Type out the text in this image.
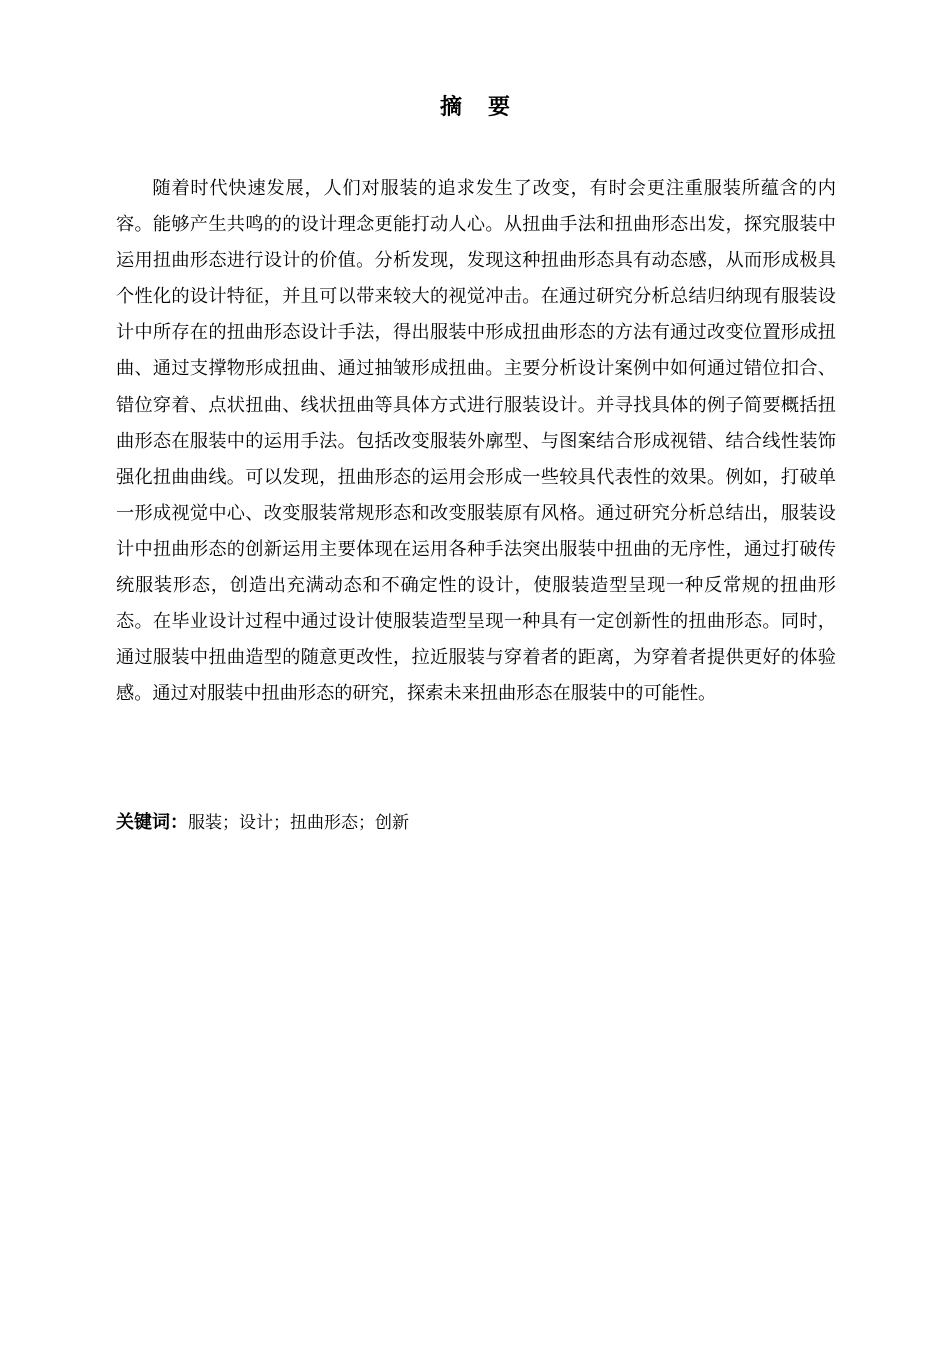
摘 要

随着时代快速发展，人们对服装的追求发生了改变，有时会更注重服装所蕴含的内容。能够产生共鸣的的设计理念更能打动人心。从扭曲手法和扭曲形态出发，探究服装中运用扭曲形态进行设计的价值。分析发现，发现这种扭曲形态具有动态感，从而形成极具个性化的设计特征，并且可以带来较大的视觉冲击。在通过研究分析总结归纳现有服装设计中所存在的扭曲形态设计手法，得出服装中形成扭曲形态的方法有通过改变位置形成扭曲、通过支撑物形成扭曲、通过抽皱形成扭曲。主要分析设计案例中如何通过错位扣合、错位穿着、点状扭曲、线状扭曲等具体方式进行服装设计。并寻找具体的例子简要概括扭曲形态在服装中的运用手法。包括改变服装外廓型、与图案结合形成视错、结合线性装饰强化扭曲曲线。可以发现，扭曲形态的运用会形成一些较具代表性的效果。例如，打破单一形成视觉中心、改变服装常规形态和改变服装原有风格。通过研究分析总结出，服装设计中扭曲形态的创新运用主要体现在运用各种手法突出服装中扭曲的无序性，通过打破传统服装形态，创造出充满动态和不确定性的设计，使服装造型呈现一种反常规的扭曲形态。在毕业设计过程中通过设计使服装造型呈现一种具有一定创新性的扭曲形态。同时，通过服装中扭曲造型的随意更改性，拉近服装与穿着者的距离，为穿着者提供更好的体验感。通过对服装中扭曲形态的研究，探索未来扭曲形态在服装中的可能性。

关键词：服装；设计；扭曲形态；创新
